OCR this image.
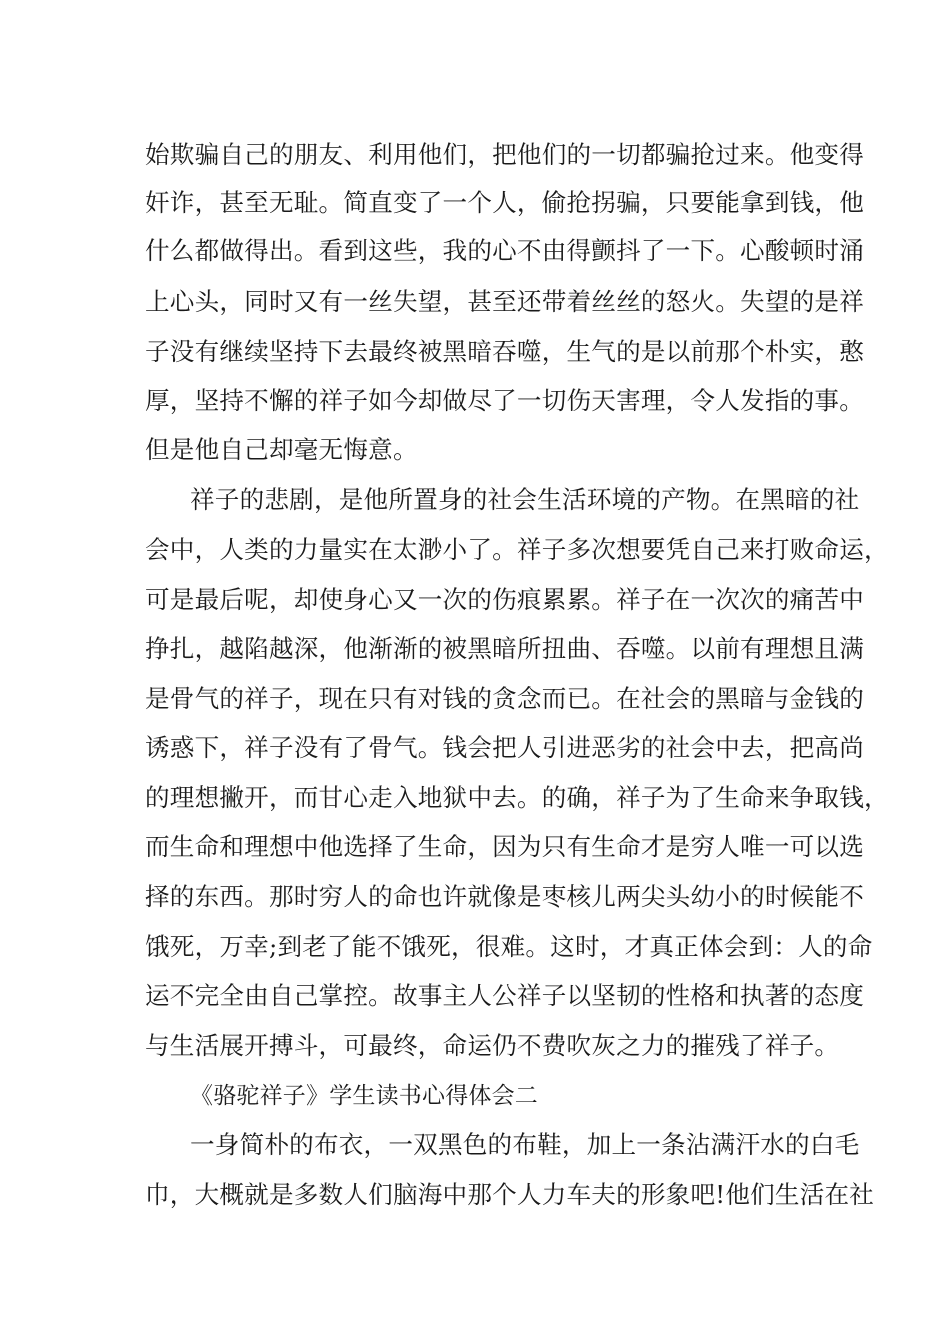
始欺骗自己的朋友、利用他们，把他们的一切都骗抢过来。他变得
奸诈，甚至无耻。简直变了一个人，偷抢拐骗，只要能拿到钱，他
什么都做得出。看到这些，我的心不由得颤抖了一下。心酸顿时涌
上心头，同时又有一丝失望，甚至还带着丝丝的怒火。失望的是祥
子没有继续坚持下去最终被黑暗吞噬，生气的是以前那个朴实，憨
厚，坚持不懈的祥子如今却做尽了一切伤天害理，令人发指的事。
但是他自己却毫无悔意。
祥子的悲剧，是他所置身的社会生活环境的产物。在黑暗的社
会中，人类的力量实在太渺小了。祥子多次想要凭自己来打败命运，
可是最后呢，却使身心又一次的伤痕累累。祥子在一次次的痛苦中
挣扎，越陷越深，他渐渐的被黑暗所扭曲、吞噬。以前有理想且满
是骨气的祥子，现在只有对钱的贪念而已。在社会的黑暗与金钱的
诱惑下，祥子没有了骨气。钱会把人引进恶劣的社会中去，把高尚
的理想撇开，而甘心走入地狱中去。的确，祥子为了生命来争取钱，
而生命和理想中他选择了生命，因为只有生命才是穷人唯一可以选
择的东西。那时穷人的命也许就像是枣核儿两尖头幼小的时候能不
饿死，万幸;到老了能不饿死，很难。这时，才真正体会到：人的命
运不完全由自己掌控。故事主人公祥子以坚韧的性格和执著的态度
与生活展开搏斗，可最终，命运仍不费吹灰之力的摧残了祥子。
《骆驼祥子》学生读书心得体会二
一身简朴的布衣，一双黑色的布鞋，加上一条沾满汗水的白毛
巾，大概就是多数人们脑海中那个人力车夫的形象吧!他们生活在社
